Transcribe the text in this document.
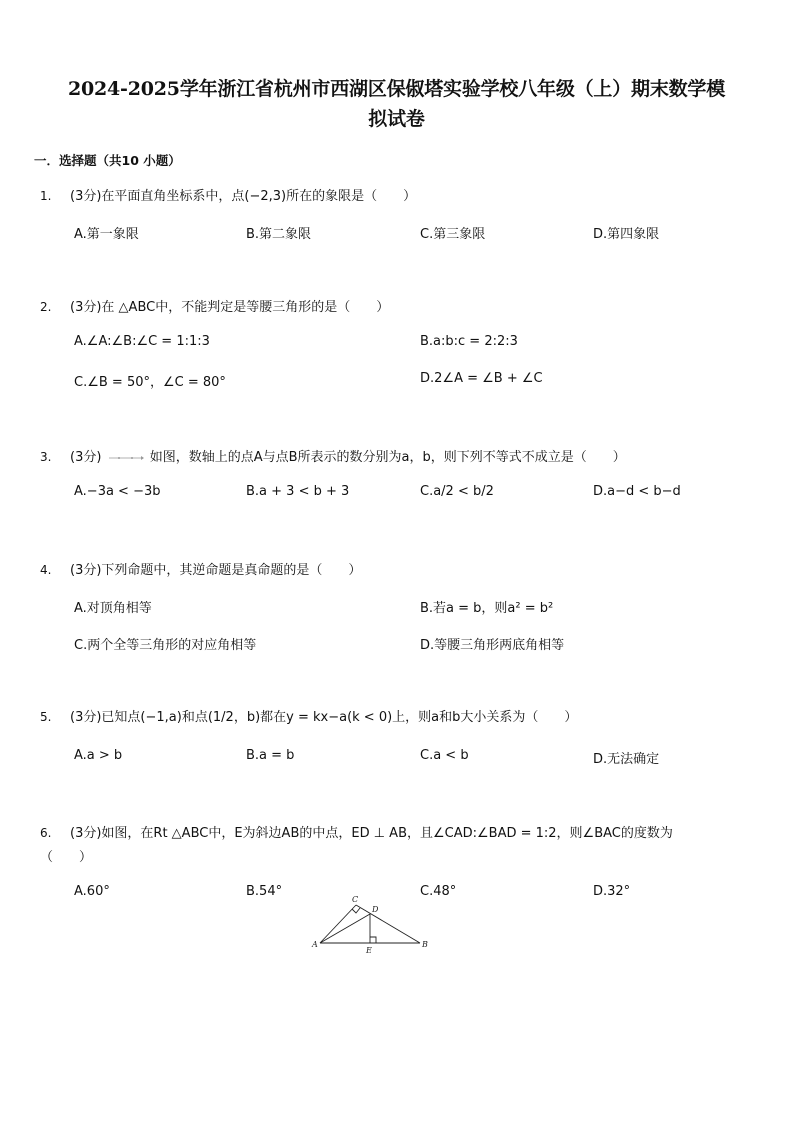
2024-2025学年浙江省杭州市西湖区保俶塔实验学校八年级（上）期末数学模
拟试卷
一．选择题（共10 小题）
1.	(3分)在平面直角坐标系中，点(−2,3)所在的象限是（　　）
A.第一象限	B.第二象限	C.第三象限	D.第四象限
2.	(3分)在 △ABC中，不能判定是等腰三角形的是（　　）
A.∠A:∠B:∠C = 1:1:3	B.a:b:c = 2:2:3
C.∠B = 50°，∠C = 80°	D.2∠A = ∠B + ∠C
3.	(3分)	如图，数轴上的点A与点B所表示的数分别为a，b，则下列不等式不成立是（　　）
A.−3a < −3b	B.a + 3 < b + 3	C.a/2 < b/2	D.a−d < b−d
4.	(3分)下列命题中，其逆命题是真命题的是（　　）
A.对顶角相等	B.若a = b，则a² = b²
C.两个全等三角形的对应角相等	D.等腰三角形两底角相等
5.	(3分)已知点(−1,a)和点(1/2，b)都在y = kx−a(k < 0)上，则a和b大小关系为（　　）
A.a > b	B.a = b	C.a < b	D.无法确定
6.	(3分)如图，在Rt △ABC中，E为斜边AB的中点，ED ⊥ AB，且∠CAD:∠BAD = 1:2，则∠BAC的度数为
（　　）
A.60°	B.54°	C.48°	D.32°
A
C
D
E
B
